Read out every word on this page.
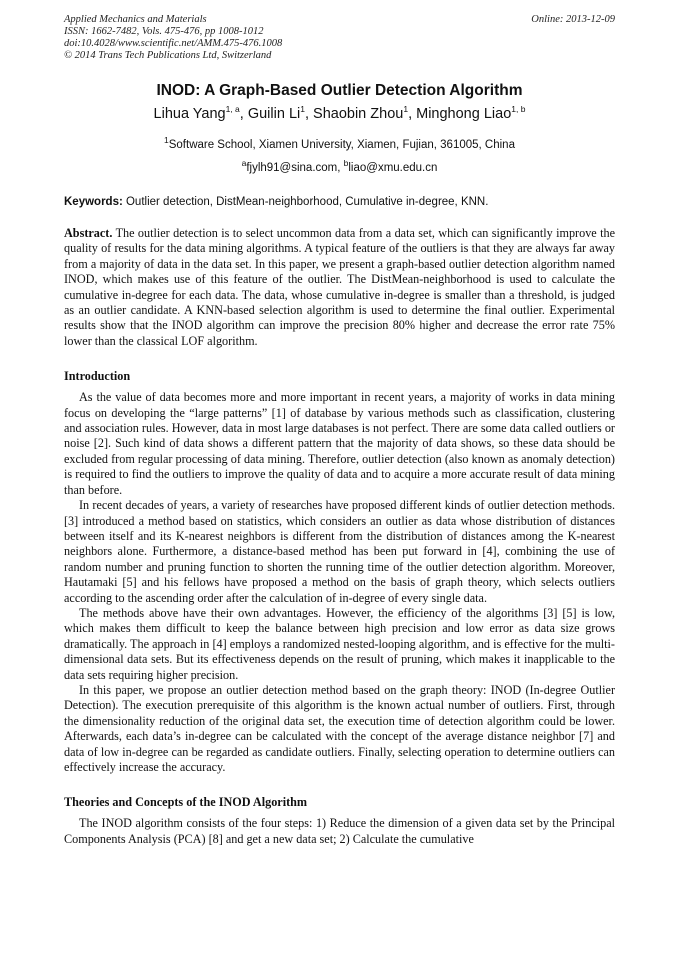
Applied Mechanics and Materials
ISSN: 1662-7482, Vols. 475-476, pp 1008-1012
doi:10.4028/www.scientific.net/AMM.475-476.1008
© 2014 Trans Tech Publications Ltd, Switzerland
Online: 2013-12-09
INOD: A Graph-Based Outlier Detection Algorithm
Lihua Yang$^{1, a}$, Guilin Li$^1$, Shaobin Zhou$^1$, Minghong Liao$^{1, b}$
$^1$Software School, Xiamen University, Xiamen, Fujian, 361005, China
$^a$fjylh91@sina.com, $^b$liao@xmu.edu.cn
Keywords: Outlier detection, DistMean-neighborhood, Cumulative in-degree, KNN.
Abstract. The outlier detection is to select uncommon data from a data set, which can significantly improve the quality of results for the data mining algorithms. A typical feature of the outliers is that they are always far away from a majority of data in the data set. In this paper, we present a graph-based outlier detection algorithm named INOD, which makes use of this feature of the outlier. The DistMean-neighborhood is used to calculate the cumulative in-degree for each data. The data, whose cumulative in-degree is smaller than a threshold, is judged as an outlier candidate. A KNN-based selection algorithm is used to determine the final outlier. Experimental results show that the INOD algorithm can improve the precision 80% higher and decrease the error rate 75% lower than the classical LOF algorithm.
Introduction

As the value of data becomes more and more important in recent years, a majority of works in data mining focus on developing the “large patterns” [1] of database by various methods such as classification, clustering and association rules. However, data in most large databases is not perfect. There are some data called outliers or noise [2]. Such kind of data shows a different pattern that the majority of data shows, so these data should be excluded from regular processing of data mining. Therefore, outlier detection (also known as anomaly detection) is required to find the outliers to improve the quality of data and to acquire a more accurate result of data mining than before.

In recent decades of years, a variety of researches have proposed different kinds of outlier detection methods. [3] introduced a method based on statistics, which considers an outlier as data whose distribution of distances between itself and its K-nearest neighbors is different from the distribution of distances among the K-nearest neighbors alone. Furthermore, a distance-based method has been put forward in [4], combining the use of random number and pruning function to shorten the running time of the outlier detection algorithm. Moreover, Hautamaki [5] and his fellows have proposed a method on the basis of graph theory, which selects outliers according to the ascending order after the calculation of in-degree of every single data.

The methods above have their own advantages. However, the efficiency of the algorithms [3] [5] is low, which makes them difficult to keep the balance between high precision and low error as data size grows dramatically. The approach in [4] employs a randomized nested-looping algorithm, and is effective for the multi-dimensional data sets. But its effectiveness depends on the result of pruning, which makes it inapplicable to the data sets requiring higher precision.

In this paper, we propose an outlier detection method based on the graph theory: INOD (In-degree Outlier Detection). The execution prerequisite of this algorithm is the known actual number of outliers. First, through the dimensionality reduction of the original data set, the execution time of detection algorithm could be lower. Afterwards, each data’s in-degree can be calculated with the concept of the average distance neighbor [7] and data of low in-degree can be regarded as candidate outliers. Finally, selecting operation to determine outliers can effectively increase the accuracy.

Theories and Concepts of the INOD Algorithm

The INOD algorithm consists of the four steps: 1) Reduce the dimension of a given data set by the Principal Components Analysis (PCA) [8] and get a new data set; 2) Calculate the cumulative
